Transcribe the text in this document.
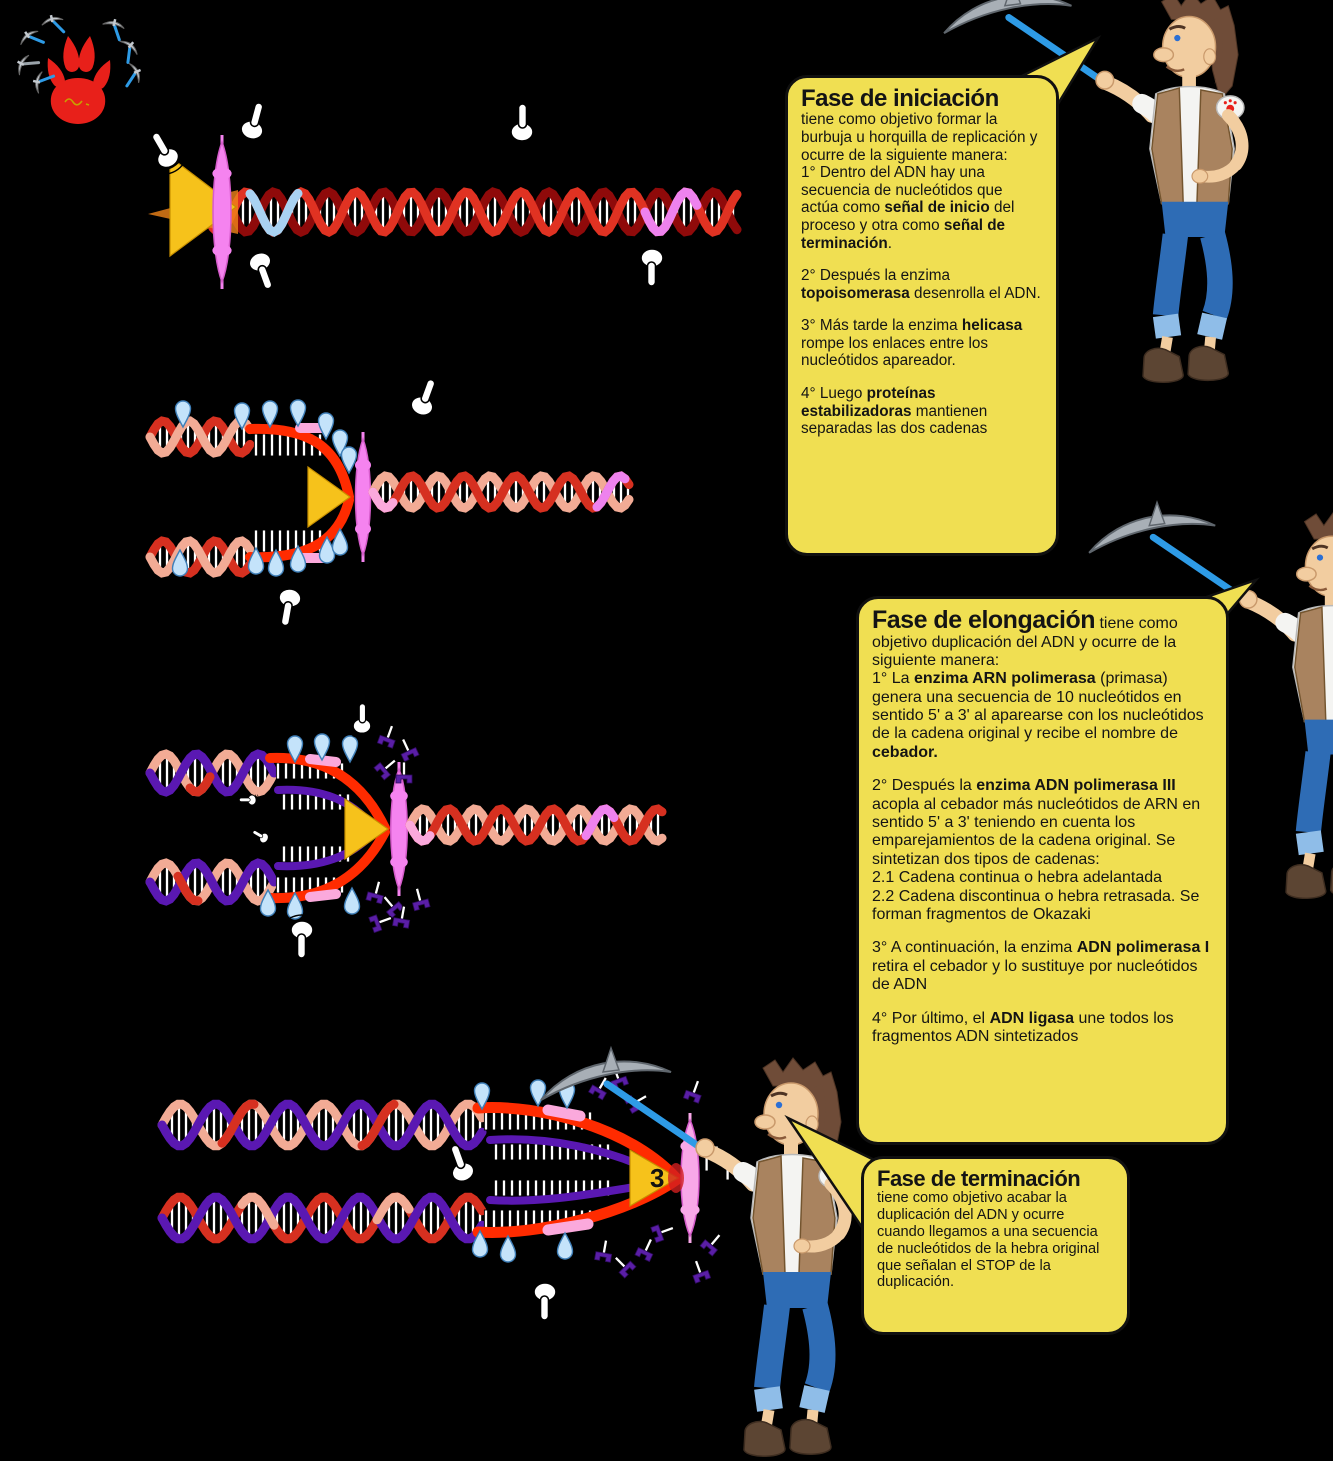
3

Fase de iniciación

tiene como objetivo formar la burbuja u horquilla de replicación y ocurre de la siguiente manera:

1° Dentro del ADN hay una secuencia de nucleótidos que actúa como señal de inicio del proceso y otra como señal de terminación.

2° Después la enzima topoisomerasa desenrolla el ADN.

3° Más tarde la enzima helicasa rompe los enlaces entre los nucleótidos apareador.

4° Luego proteínas estabilizadoras mantienen separadas las dos cadenas

Fase de elongación tiene como objetivo duplicación del ADN y ocurre de la siguiente manera:

1° La enzima ARN polimerasa (primasa) genera una secuencia de 10 nucleótidos en sentido 5' a 3' al aparearse con los nucleótidos de la cadena original y recibe el nombre de cebador.

2° Después la enzima ADN polimerasa III acopla al cebador más nucleótidos de ARN en sentido 5' a 3' teniendo en cuenta los emparejamientos de la cadena original. Se sintetizan dos tipos de cadenas:

2.1 Cadena continua o hebra adelantada

2.2 Cadena discontinua o hebra retrasada. Se forman fragmentos de Okazaki

3° A continuación, la enzima ADN polimerasa I retira el cebador y lo sustituye por nucleótidos de ADN

4° Por último, el ADN ligasa une todos los fragmentos ADN sintetizados

Fase de terminación

tiene como objetivo acabar la duplicación del ADN y ocurre cuando llegamos a una secuencia de nucleótidos de la hebra original que señalan el STOP de la duplicación.
